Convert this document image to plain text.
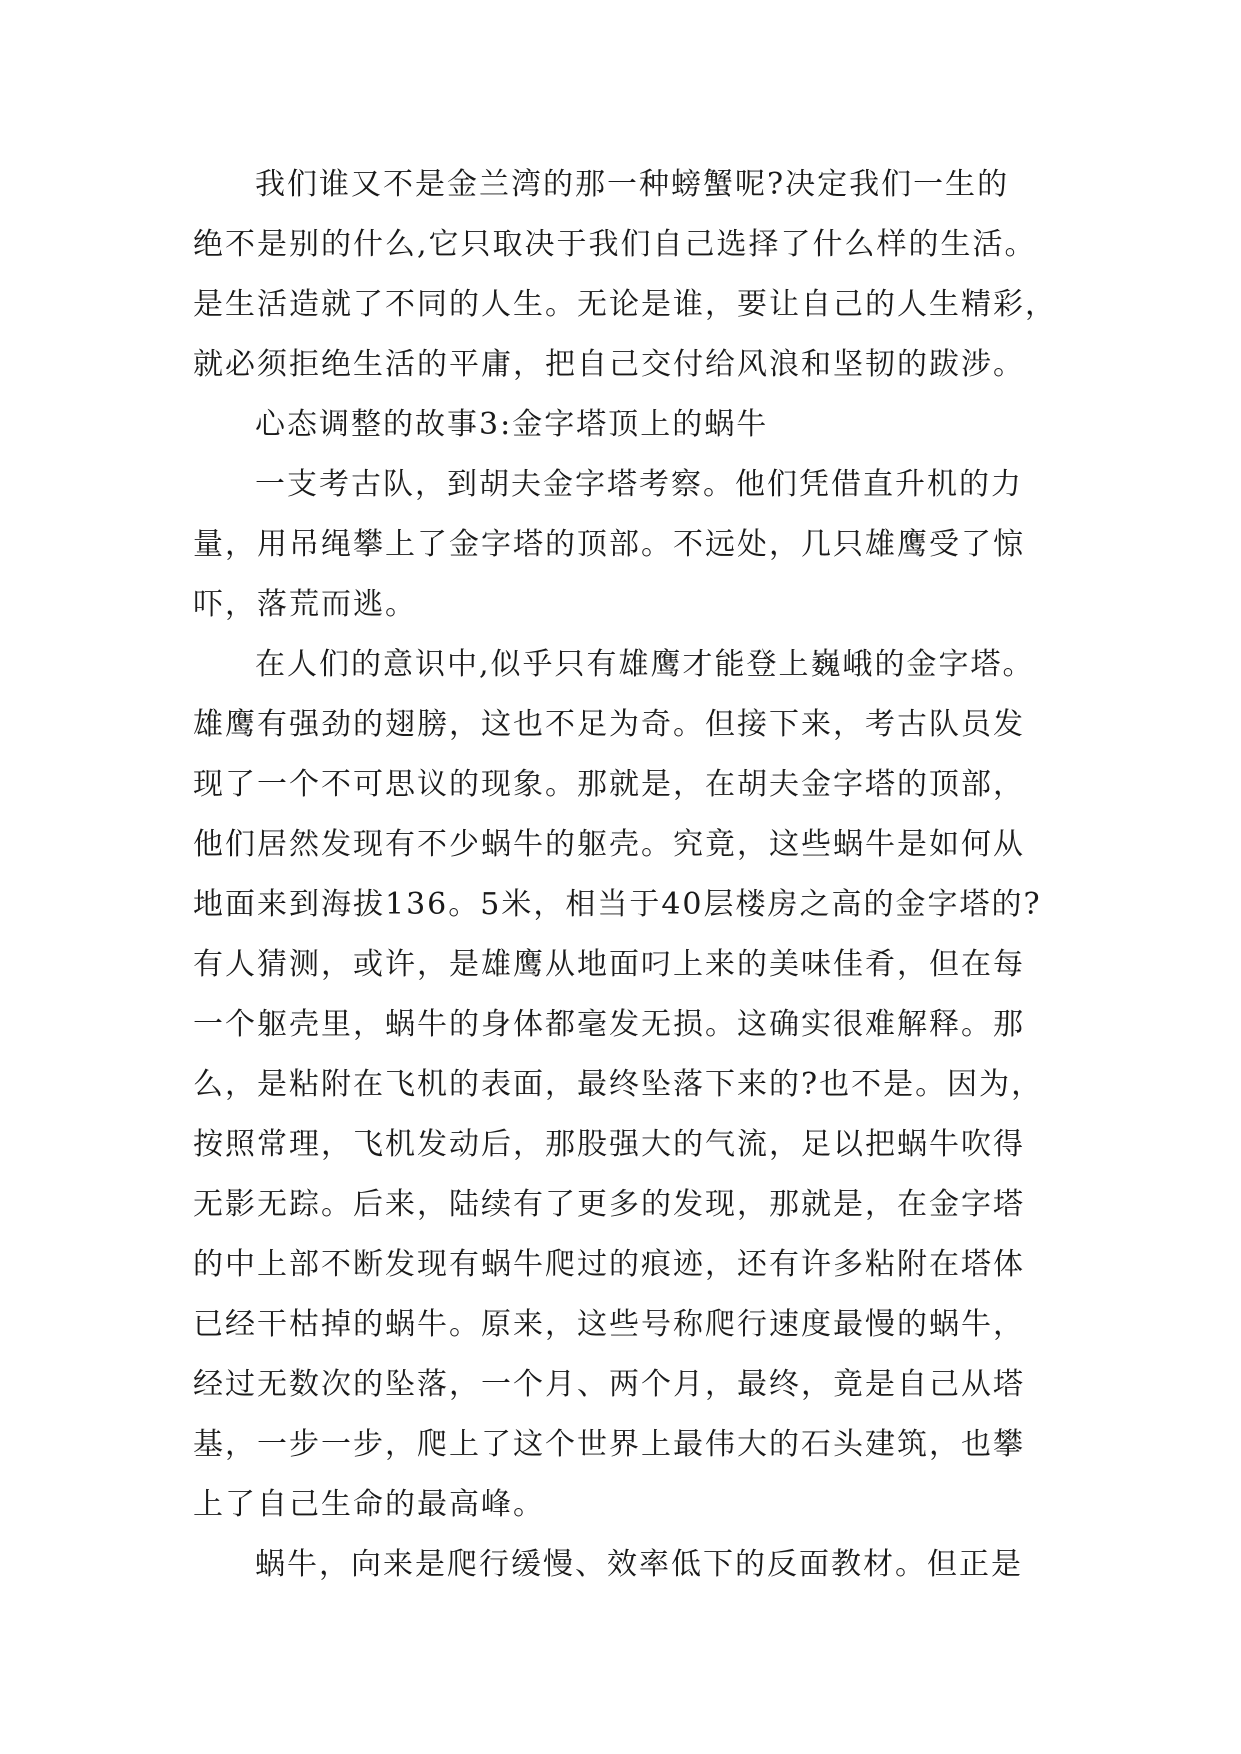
我们谁又不是金兰湾的那一种螃蟹呢?决定我们一生的
绝不是别的什么,它只取决于我们自己选择了什么样的生活。
是生活造就了不同的人生。无论是谁，要让自己的人生精彩，
就必须拒绝生活的平庸，把自己交付给风浪和坚韧的跋涉。
心态调整的故事3:金字塔顶上的蜗牛
一支考古队，到胡夫金字塔考察。他们凭借直升机的力
量，用吊绳攀上了金字塔的顶部。不远处，几只雄鹰受了惊
吓，落荒而逃。
在人们的意识中,似乎只有雄鹰才能登上巍峨的金字塔。
雄鹰有强劲的翅膀，这也不足为奇。但接下来，考古队员发
现了一个不可思议的现象。那就是，在胡夫金字塔的顶部，
他们居然发现有不少蜗牛的躯壳。究竟，这些蜗牛是如何从
地面来到海拔136。5米，相当于40层楼房之高的金字塔的?
有人猜测，或许，是雄鹰从地面叼上来的美味佳肴，但在每
一个躯壳里，蜗牛的身体都毫发无损。这确实很难解释。那
么，是粘附在飞机的表面，最终坠落下来的?也不是。因为，
按照常理，飞机发动后，那股强大的气流，足以把蜗牛吹得
无影无踪。后来，陆续有了更多的发现，那就是，在金字塔
的中上部不断发现有蜗牛爬过的痕迹，还有许多粘附在塔体
已经干枯掉的蜗牛。原来，这些号称爬行速度最慢的蜗牛，
经过无数次的坠落，一个月、两个月，最终，竟是自己从塔
基，一步一步，爬上了这个世界上最伟大的石头建筑，也攀
上了自己生命的最高峰。
蜗牛，向来是爬行缓慢、效率低下的反面教材。但正是
